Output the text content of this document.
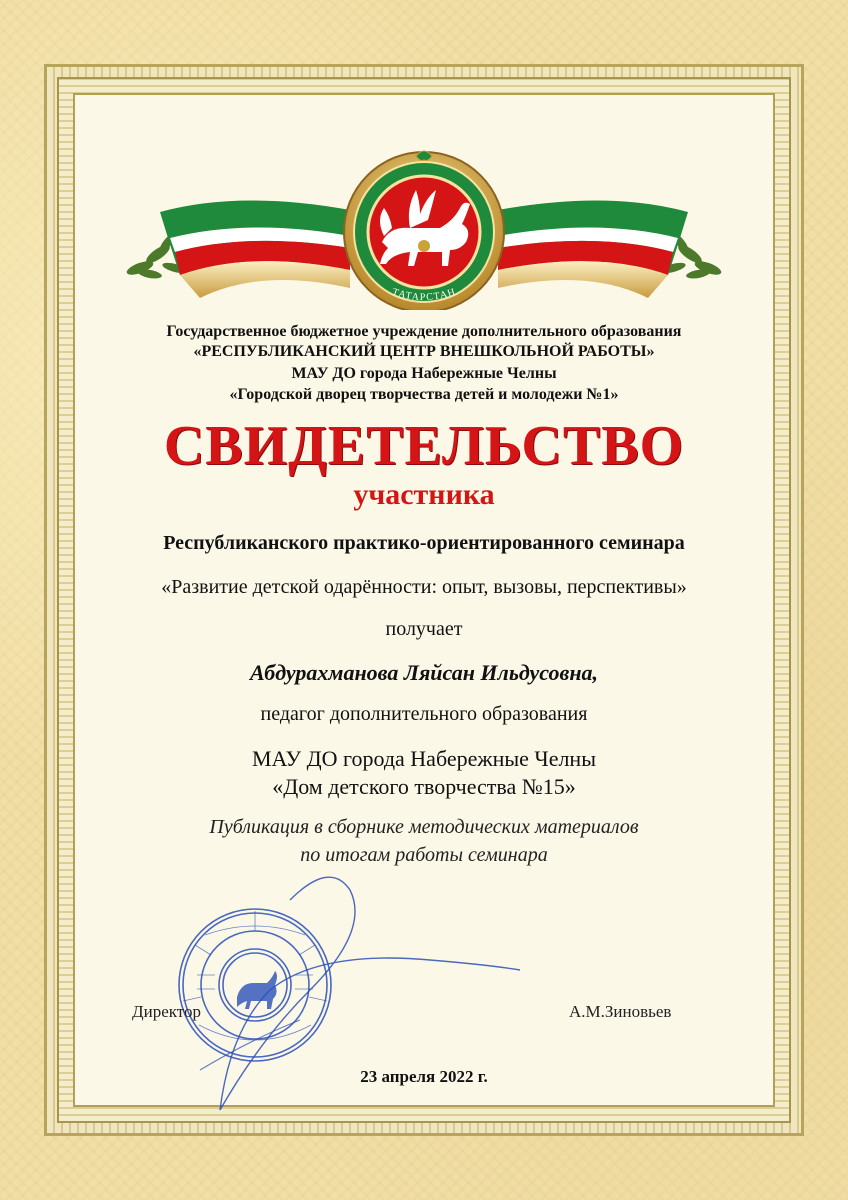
ТАТАРСТАН

Государственное бюджетное учреждение дополнительного образования

«РЕСПУБЛИКАНСКИЙ ЦЕНТР ВНЕШКОЛЬНОЙ РАБОТЫ»

МАУ ДО города Набережные Челны

«Городской дворец творчества детей и молодежи №1»

СВИДЕТЕЛЬСТВО

участника

Республиканского практико-ориентированного семинара

«Развитие детской одарённости: опыт, вызовы, перспективы»

получает

Абдурахманова Ляйсан Ильдусовна,

педагог дополнительного образования

МАУ ДО города Набережные Челны

«Дом детского творчества №15»

Публикация в сборнике методических материалов

по итогам работы семинара

Директор	А.М.Зиновьев

23 апреля 2022 г.
